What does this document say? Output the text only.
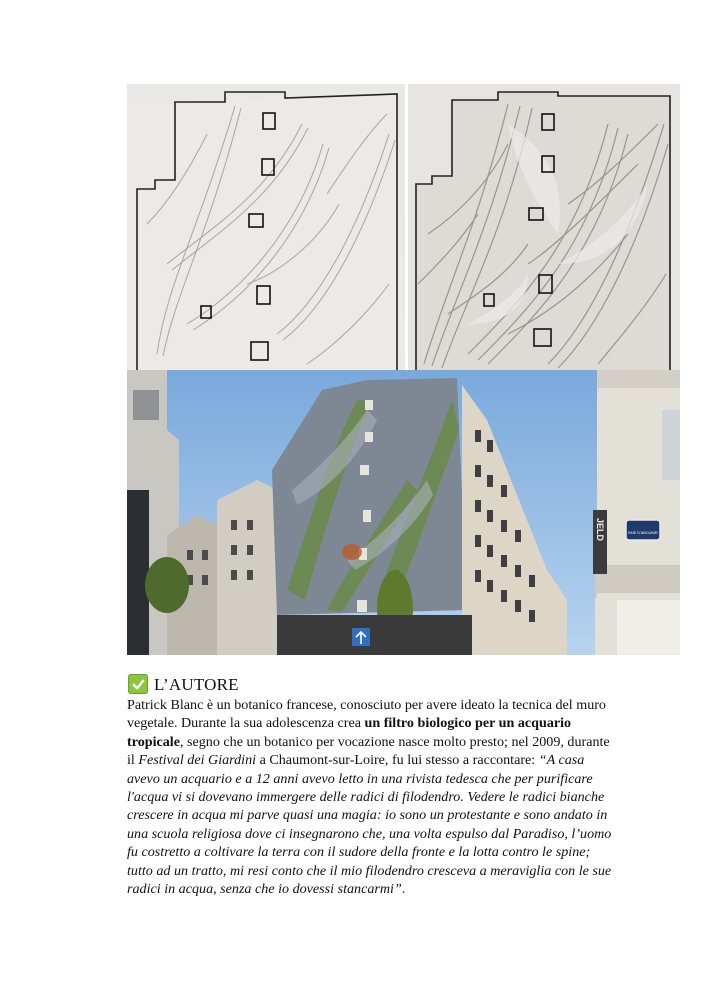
JELD	RUE D'ABOUKIR
L’AUTORE

Patrick Blanc è un botanico francese, conosciuto per avere ideato la tecnica del muro
vegetale. Durante la sua adolescenza crea un filtro biologico per un acquario
tropicale, segno che un botanico per vocazione nasce molto presto; nel 2009, durante
il Festival dei Giardini a Chaumont-sur-Loire, fu lui stesso a raccontare: “A casa
avevo un acquario e a 12 anni avevo letto in una rivista tedesca che per purificare
l'acqua vi si dovevano immergere delle radici di filodendro. Vedere le radici bianche
crescere in acqua mi parve quasi una magia: io sono un protestante e sono andato in
una scuola religiosa dove ci insegnarono che, una volta espulso dal Paradiso, l’uomo
fu costretto a coltivare la terra con il sudore della fronte e la lotta contro le spine;
tutto ad un tratto, mi resi conto che il mio filodendro cresceva a meraviglia con le sue
radici in acqua, senza che io dovessi stancarmi”.
